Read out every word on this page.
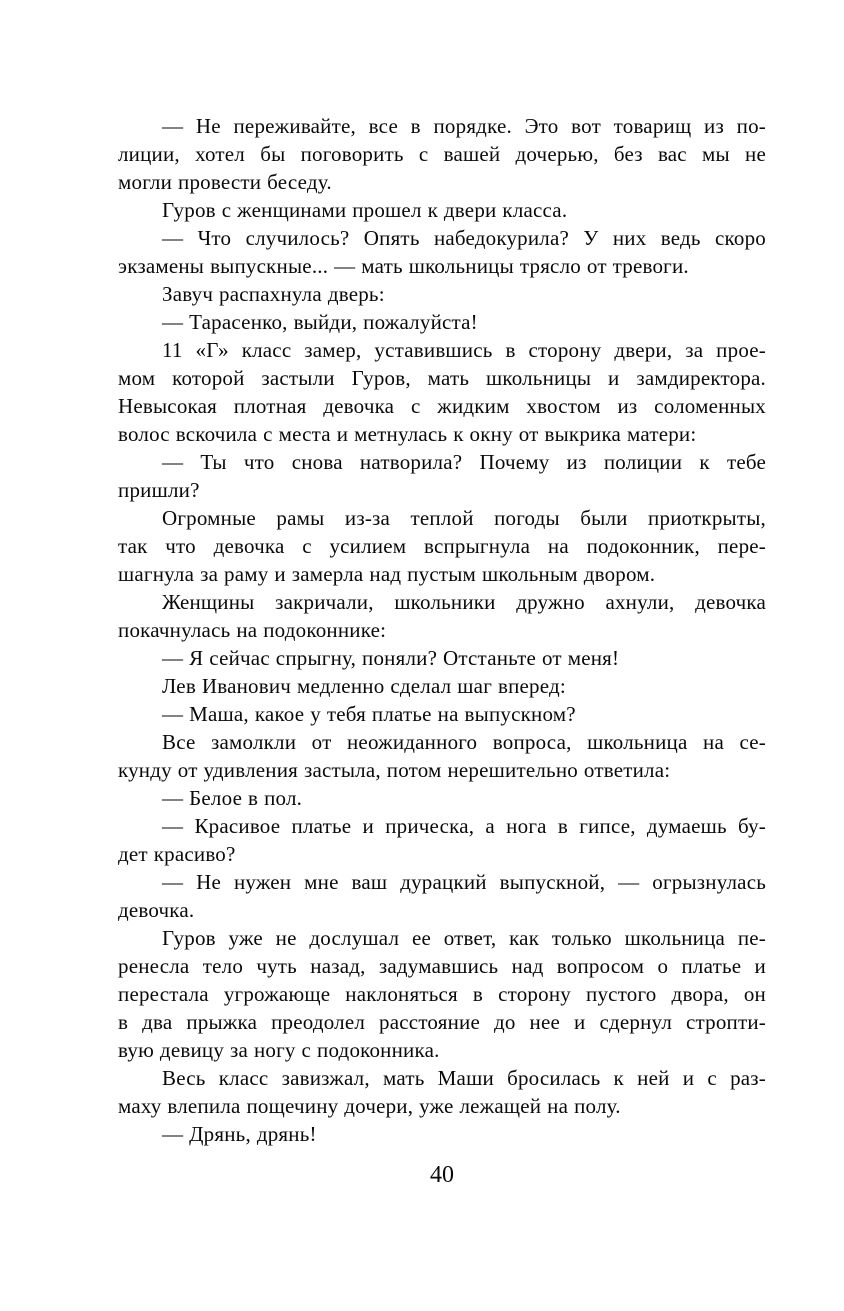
— Не переживайте, все в порядке. Это вот товарищ из по-
лиции, хотел бы поговорить с вашей дочерью, без вас мы не
могли провести беседу.
Гуров с женщинами прошел к двери класса.
— Что случилось? Опять набедокурила? У них ведь скоро
экзамены выпускные... — мать школьницы трясло от тревоги.
Завуч распахнула дверь:
— Тарасенко, выйди, пожалуйста!
11 «Г» класс замер, уставившись в сторону двери, за прое-
мом которой застыли Гуров, мать школьницы и замдиректора.
Невысокая плотная девочка с жидким хвостом из соломенных
волос вскочила с места и метнулась к окну от выкрика матери:
— Ты что снова натворила? Почему из полиции к тебе
пришли?
Огромные рамы из-за теплой погоды были приоткрыты,
так что девочка с усилием вспрыгнула на подоконник, пере-
шагнула за раму и замерла над пустым школьным двором.
Женщины закричали, школьники дружно ахнули, девочка
покачнулась на подоконнике:
— Я сейчас спрыгну, поняли? Отстаньте от меня!
Лев Иванович медленно сделал шаг вперед:
— Маша, какое у тебя платье на выпускном?
Все замолкли от неожиданного вопроса, школьница на се-
кунду от удивления застыла, потом нерешительно ответила:
— Белое в пол.
— Красивое платье и прическа, а нога в гипсе, думаешь бу-
дет красиво?
— Не нужен мне ваш дурацкий выпускной, — огрызнулась
девочка.
Гуров уже не дослушал ее ответ, как только школьница пе-
ренесла тело чуть назад, задумавшись над вопросом о платье и
перестала угрожающе наклоняться в сторону пустого двора, он
в два прыжка преодолел расстояние до нее и сдернул стропти-
вую девицу за ногу с подоконника.
Весь класс завизжал, мать Маши бросилась к ней и с раз-
маху влепила пощечину дочери, уже лежащей на полу.
— Дрянь, дрянь!
40
